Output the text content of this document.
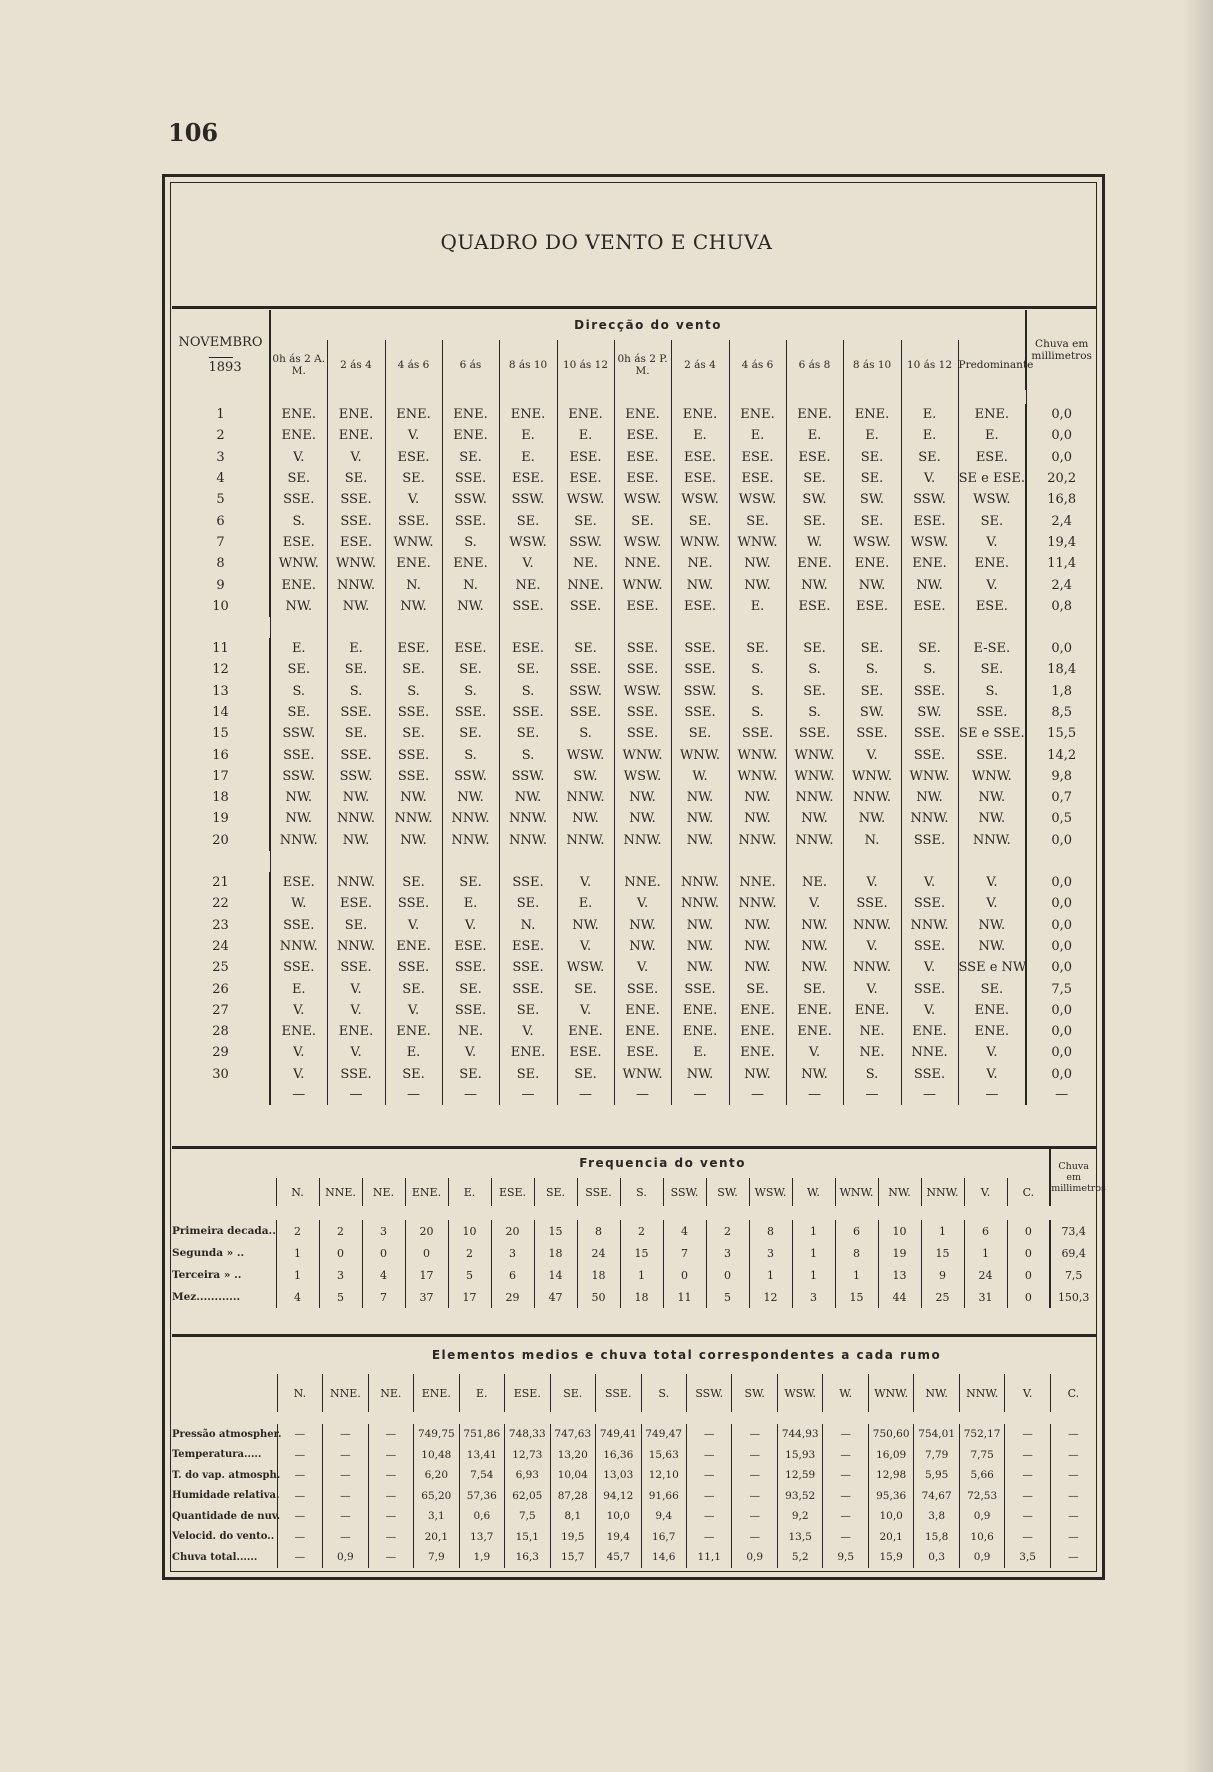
106
QUADRO DO VENTO E CHUVA
NOVEMBRO
1893	Direcção do vento													Chuva em millimetros
	0h ás 2 A. M.	2 ás 4	4 ás 6	6 ás	8 ás 10	10 ás 12	0h ás 2 P. M.	2 ás 4	4 ás 6	6 ás 8	8 ás 10	10 ás 12	Predominante	

1	ENE.	ENE.	ENE.	ENE.	ENE.	ENE.	ENE.	ENE.	ENE.	ENE.	ENE.	E.	ENE.	0,0
2	ENE.	ENE.	V.	ENE.	E.	E.	ESE.	E.	E.	E.	E.	E.	E.	0,0
3	V.	V.	ESE.	SE.	E.	ESE.	ESE.	ESE.	ESE.	ESE.	SE.	SE.	ESE.	0,0
4	SE.	SE.	SE.	SSE.	ESE.	ESE.	ESE.	ESE.	ESE.	SE.	SE.	V.	SE e ESE.	20,2
5	SSE.	SSE.	V.	SSW.	SSW.	WSW.	WSW.	WSW.	WSW.	SW.	SW.	SSW.	WSW.	16,8
6	S.	SSE.	SSE.	SSE.	SE.	SE.	SE.	SE.	SE.	SE.	SE.	ESE.	SE.	2,4
7	ESE.	ESE.	WNW.	S.	WSW.	SSW.	WSW.	WNW.	WNW.	W.	WSW.	WSW.	V.	19,4
8	WNW.	WNW.	ENE.	ENE.	V.	NE.	NNE.	NE.	NW.	ENE.	ENE.	ENE.	ENE.	11,4
9	ENE.	NNW.	N.	N.	NE.	NNE.	WNW.	NW.	NW.	NW.	NW.	NW.	V.	2,4
10	NW.	NW.	NW.	NW.	SSE.	SSE.	ESE.	ESE.	E.	ESE.	ESE.	ESE.	ESE.	0,8

11	E.	E.	ESE.	ESE.	ESE.	SE.	SSE.	SSE.	SE.	SE.	SE.	SE.	E-SE.	0,0
12	SE.	SE.	SE.	SE.	SE.	SSE.	SSE.	SSE.	S.	S.	S.	S.	SE.	18,4
13	S.	S.	S.	S.	S.	SSW.	WSW.	SSW.	S.	SE.	SE.	SSE.	S.	1,8
14	SE.	SSE.	SSE.	SSE.	SSE.	SSE.	SSE.	SSE.	S.	S.	SW.	SW.	SSE.	8,5
15	SSW.	SE.	SE.	SE.	SE.	S.	SSE.	SE.	SSE.	SSE.	SSE.	SSE.	SE e SSE.	15,5
16	SSE.	SSE.	SSE.	S.	S.	WSW.	WNW.	WNW.	WNW.	WNW.	V.	SSE.	SSE.	14,2
17	SSW.	SSW.	SSE.	SSW.	SSW.	SW.	WSW.	W.	WNW.	WNW.	WNW.	WNW.	WNW.	9,8
18	NW.	NW.	NW.	NW.	NW.	NNW.	NW.	NW.	NW.	NNW.	NNW.	NW.	NW.	0,7
19	NW.	NNW.	NNW.	NNW.	NNW.	NW.	NW.	NW.	NW.	NW.	NW.	NNW.	NW.	0,5
20	NNW.	NW.	NW.	NNW.	NNW.	NNW.	NNW.	NW.	NNW.	NNW.	N.	SSE.	NNW.	0,0

21	ESE.	NNW.	SE.	SE.	SSE.	V.	NNE.	NNW.	NNE.	NE.	V.	V.	V.	0,0
22	W.	ESE.	SSE.	E.	SE.	E.	V.	NNW.	NNW.	V.	SSE.	SSE.	V.	0,0
23	SSE.	SE.	V.	V.	N.	NW.	NW.	NW.	NW.	NW.	NNW.	NNW.	NW.	0,0
24	NNW.	NNW.	ENE.	ESE.	ESE.	V.	NW.	NW.	NW.	NW.	V.	SSE.	NW.	0,0
25	SSE.	SSE.	SSE.	SSE.	SSE.	WSW.	V.	NW.	NW.	NW.	NNW.	V.	SSE e NW.	0,0
26	E.	V.	SE.	SE.	SSE.	SE.	SSE.	SSE.	SE.	SE.	V.	SSE.	SE.	7,5
27	V.	V.	V.	SSE.	SE.	V.	ENE.	ENE.	ENE.	ENE.	ENE.	V.	ENE.	0,0
28	ENE.	ENE.	ENE.	NE.	V.	ENE.	ENE.	ENE.	ENE.	ENE.	NE.	ENE.	ENE.	0,0
29	V.	V.	E.	V.	ENE.	ESE.	ESE.	E.	ENE.	V.	NE.	NNE.	V.	0,0
30	V.	SSE.	SE.	SE.	SE.	SE.	WNW.	NW.	NW.	NW.	S.	SSE.	V.	0,0
	—	—	—	—	—	—	—	—	—	—	—	—	—	—
	Frequencia do vento																		Chuva em millimetros
	N.	NNE.	NE.	ENE.	E.	ESE.	SE.	SSE.	S.	SSW.	SW.	WSW.	W.	WNW.	NW.	NNW.	V.	C.	

Primeira decada..	2	2	3	20	10	20	15	8	2	4	2	8	1	6	10	1	6	0	73,4
Segunda » ..	1	0	0	0	2	3	18	24	15	7	3	3	1	8	19	15	1	0	69,4
Terceira » ..	1	3	4	17	5	6	14	18	1	0	0	1	1	1	13	9	24	0	7,5
Mez............	4	5	7	37	17	29	47	50	18	11	5	12	3	15	44	25	31	0	150,3
	Elementos medios e chuva total correspondentes a cada rumo																	
	N.	NNE.	NE.	ENE.	E.	ESE.	SE.	SSE.	S.	SSW.	SW.	WSW.	W.	WNW.	NW.	NNW.	V.	C.

Pressão atmospher.	—	—	—	749,75	751,86	748,33	747,63	749,41	749,47	—	—	744,93	—	750,60	754,01	752,17	—	—
Temperatura.....	—	—	—	10,48	13,41	12,73	13,20	16,36	15,63	—	—	15,93	—	16,09	7,79	7,75	—	—
T. do vap. atmosph.	—	—	—	6,20	7,54	6,93	10,04	13,03	12,10	—	—	12,59	—	12,98	5,95	5,66	—	—
Humidade relativa.	—	—	—	65,20	57,36	62,05	87,28	94,12	91,66	—	—	93,52	—	95,36	74,67	72,53	—	—
Quantidade de nuv.	—	—	—	3,1	0,6	7,5	8,1	10,0	9,4	—	—	9,2	—	10,0	3,8	0,9	—	—
Velocid. do vento..	—	—	—	20,1	13,7	15,1	19,5	19,4	16,7	—	—	13,5	—	20,1	15,8	10,6	—	—
Chuva total......	—	0,9	—	7,9	1,9	16,3	15,7	45,7	14,6	11,1	0,9	5,2	9,5	15,9	0,3	0,9	3,5	—
